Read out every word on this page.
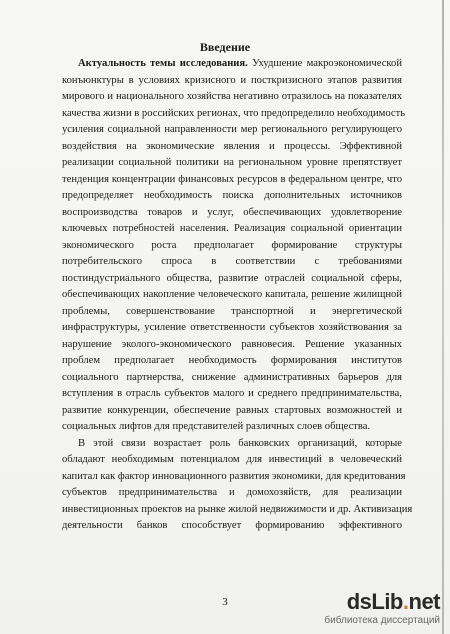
Введение
Актуальность темы исследования. Ухудшение макроэкономической
конъюнктуры в условиях кризисного и посткризисного этапов развития
мирового и национального хозяйства негативно отразилось на показателях
качества жизни в российских регионах, что предопределило необходимость
усиления социальной направленности мер регионального регулирующего
воздействия на экономические явления и процессы. Эффективной
реализации социальной политики на региональном уровне препятствует
тенденция концентрации финансовых ресурсов в федеральном центре, что
предопределяет необходимость поиска дополнительных источников
воспроизводства товаров и услуг, обеспечивающих удовлетворение
ключевых потребностей населения. Реализация социальной ориентации
экономического роста предполагает формирование структуры
потребительского спроса в соответствии с требованиями
постиндустриального общества, развитие отраслей социальной сферы,
обеспечивающих накопление человеческого капитала, решение жилищной
проблемы, совершенствование транспортной и энергетической
инфраструктуры, усиление ответственности субъектов хозяйствования за
нарушение эколого-экономического равновесия. Решение указанных
проблем предполагает необходимость формирования институтов
социального партнерства, снижение административных барьеров для
вступления в отрасль субъектов малого и среднего предпринимательства,
развитие конкуренции, обеспечение равных стартовых возможностей и
социальных лифтов для представителей различных слоев общества.
В этой связи возрастает роль банковских организаций, которые
обладают необходимым потенциалом для инвестиций в человеческий
капитал как фактор инновационного развития экономики, для кредитования
субъектов предпринимательства и домохозяйств, для реализации
инвестиционных проектов на рынке жилой недвижимости и др. Активизация
деятельности банков способствует формированию эффективного
3	dsLib.net
библиотека диссертаций
